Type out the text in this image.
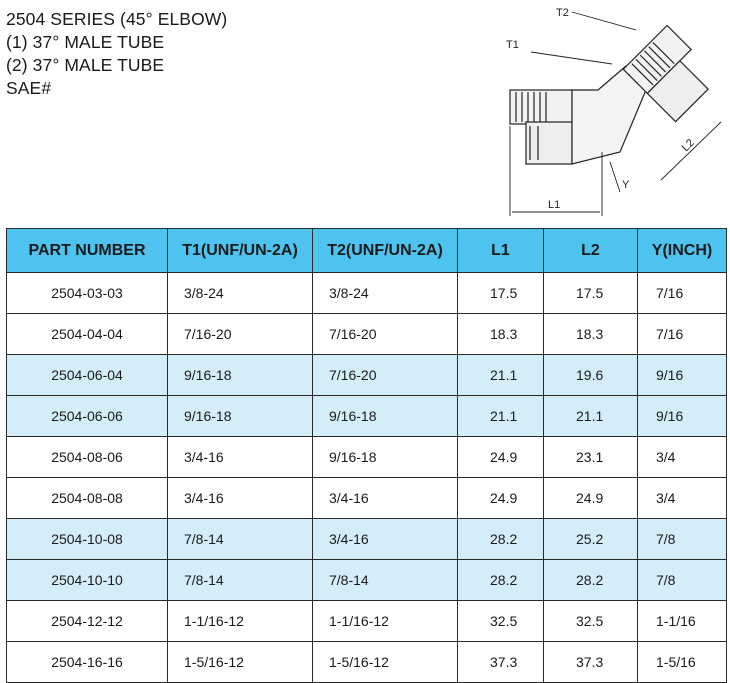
2504 SERIES (45° ELBOW)
(1) 37° MALE TUBE
(2) 37° MALE TUBE
SAE#
T1
T2
L1
L2
Y
PART NUMBER	T1(UNF/UN-2A)	T2(UNF/UN-2A)	L1	L2	Y(INCH)
2504-03-03	3/8-24	3/8-24	17.5	17.5	7/16
2504-04-04	7/16-20	7/16-20	18.3	18.3	7/16
2504-06-04	9/16-18	7/16-20	21.1	19.6	9/16
2504-06-06	9/16-18	9/16-18	21.1	21.1	9/16
2504-08-06	3/4-16	9/16-18	24.9	23.1	3/4
2504-08-08	3/4-16	3/4-16	24.9	24.9	3/4
2504-10-08	7/8-14	3/4-16	28.2	25.2	7/8
2504-10-10	7/8-14	7/8-14	28.2	28.2	7/8
2504-12-12	1-1/16-12	1-1/16-12	32.5	32.5	1-1/16
2504-16-16	1-5/16-12	1-5/16-12	37.3	37.3	1-5/16
